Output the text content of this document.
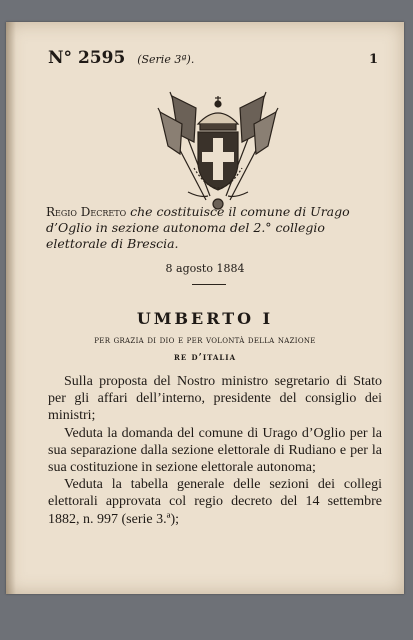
N° 2595 (Serie 3ª).	1
Regio Decreto che costituisce il comune di Urago d’Oglio in sezione autonoma del 2.° collegio elettorale di Brescia.
8 agosto 1884
UMBERTO I
per grazia di dio e per volontà della nazione
re d’italia

Sulla proposta del Nostro ministro segretario di Stato per gli affari dell’interno, presidente del consiglio dei ministri;

Veduta la domanda del comune di Urago d’Oglio per la sua separazione dalla sezione elettorale di Rudiano e per la sua costituzione in sezione elettorale autonoma;

Veduta la tabella generale delle sezioni dei collegi elettorali approvata col regio decreto del 14 settembre 1882, n. 997 (serie 3.ª);
